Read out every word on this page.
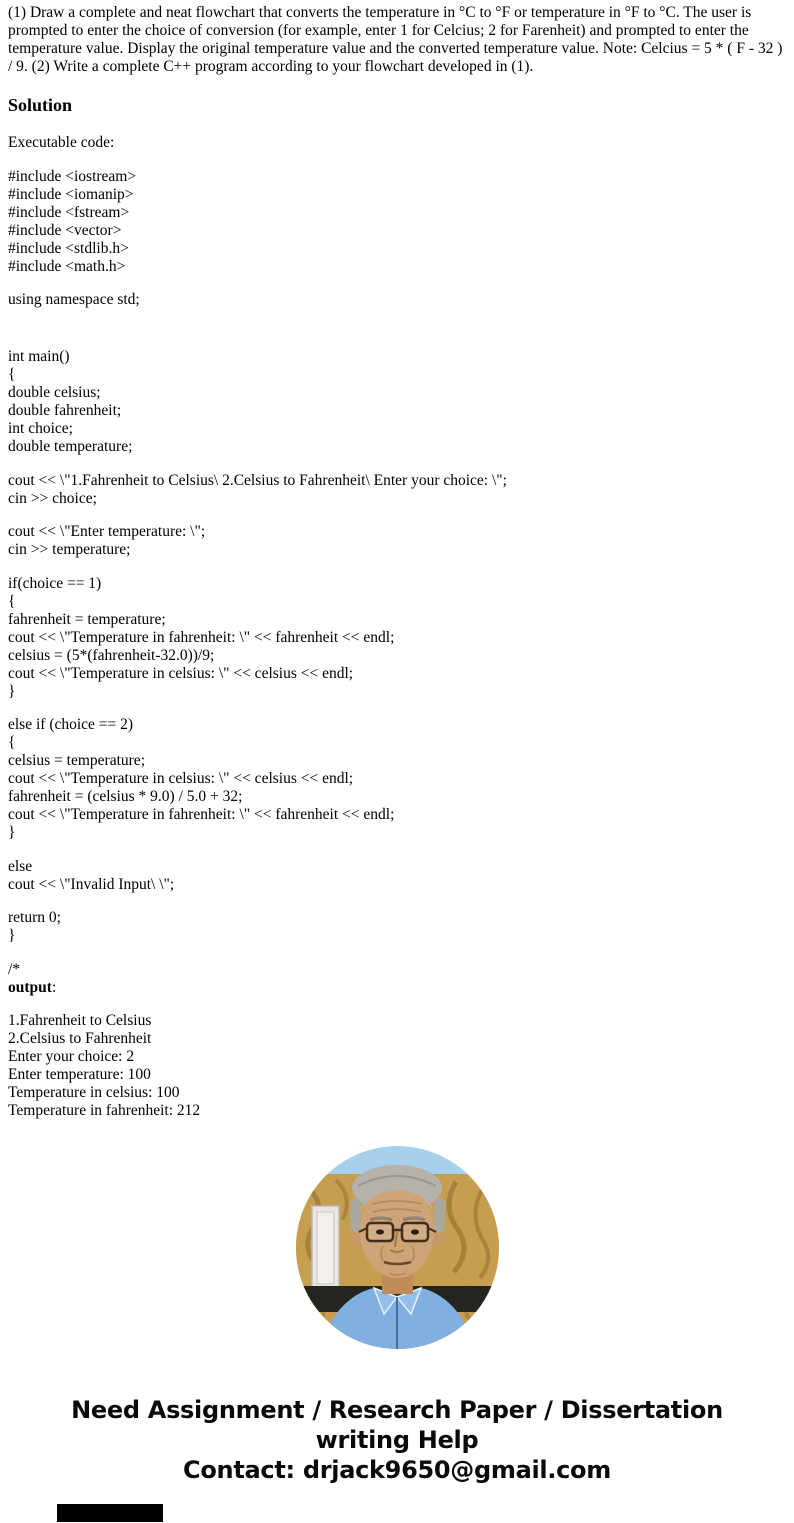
(1) Draw a complete and neat flowchart that converts the temperature in °C to °F or temperature in °F to °C. The user is prompted to enter the choice of conversion (for example, enter 1 for Celcius; 2 for Farenheit) and prompted to enter the temperature value. Display the original temperature value and the converted temperature value. Note: Celcius = 5 * ( F - 32 ) / 9. (2) Write a complete C++ program according to your flowchart developed in (1).

Solution

Executable code:

#include <iostream>
#include <iomanip>
#include <fstream>
#include <vector>
#include <stdlib.h>
#include <math.h>

using namespace std;

int main()
{
double celsius;
double fahrenheit;
int choice;
double temperature;
cout << \"1.Fahrenheit to Celsius\ 2.Celsius to Fahrenheit\ Enter your choice: \";
cin >> choice;
cout << \"Enter temperature: \";
cin >> temperature;
if(choice == 1)
{
fahrenheit = temperature;
cout << \"Temperature in fahrenheit: \" << fahrenheit << endl;
celsius = (5*(fahrenheit-32.0))/9;
cout << \"Temperature in celsius: \" << celsius << endl;
}
else if (choice == 2)
{
celsius = temperature;
cout << \"Temperature in celsius: \" << celsius << endl;
fahrenheit = (celsius * 9.0) / 5.0 + 32;
cout << \"Temperature in fahrenheit: \" << fahrenheit << endl;
}
else
cout << \"Invalid Input\ \";
return 0;
}
/*
output:
1.Fahrenheit to Celsius
2.Celsius to Fahrenheit
Enter your choice: 2
Enter temperature: 100
Temperature in celsius: 100
Temperature in fahrenheit: 212
Need Assignment / Research Paper / Dissertation
writing Help
Contact: drjack9650@gmail.com
